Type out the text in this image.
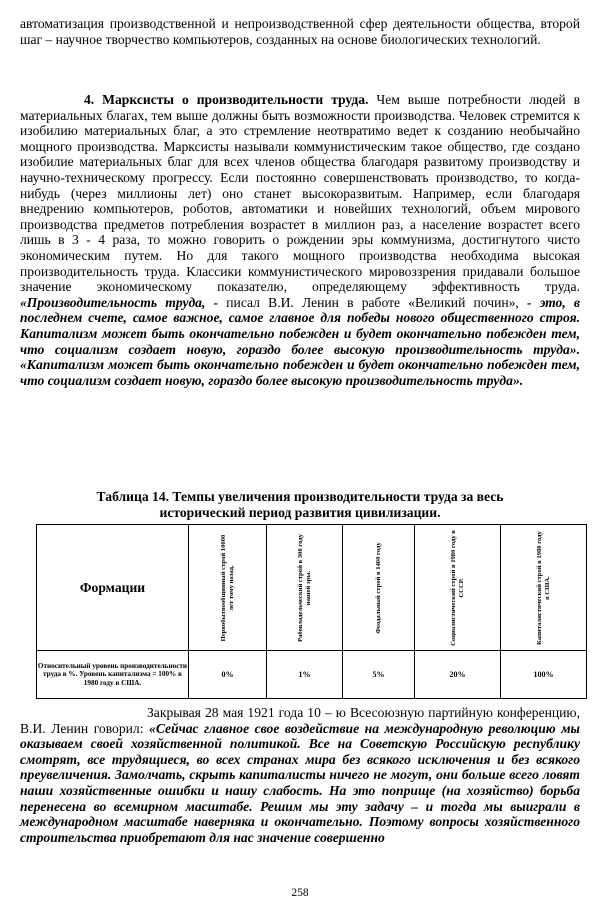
автоматизация производственной и непроизводственной сфер деятельности общества, второй шаг – научное творчество компьютеров, созданных на основе биологических технологий.

4. Марксисты о производительности труда. Чем выше потребности людей в материальных благах, тем выше должны быть возможности производства. Человек стремится к изобилию материальных благ, а это стремление неотвратимо ведет к созданию необычайно мощного производства. Марксисты называли коммунистическим такое общество, где создано изобилие материальных благ для всех членов общества благодаря развитому производству и научно-техническому прогрессу. Если постоянно совершенствовать производство, то когда-нибудь (через миллионы лет) оно станет высокоразвитым. Например, если благодаря внедрению компьютеров, роботов, автоматики и новейших технологий, объем мирового производства предметов потребления возрастет в миллион раз, а население возрастет всего лишь в 3 - 4 раза, то можно говорить о рождении эры коммунизма, достигнутого чисто экономическим путем. Но для такого мощного производства необходима высокая производительность труда. Классики коммунистического мировоззрения придавали большое значение экономическому показателю, определяющему эффективность труда. «Производительность труда, - писал В.И. Ленин в работе «Великий почин», - это, в последнем счете, самое важное, самое главное для победы нового общественного строя. Капитализм может быть окончательно побежден и будет окончательно побежден тем, что социализм создает новую, гораздо более высокую производительность труда». «Капитализм может быть окончательно побежден и будет окончательно побежден тем, что социализм создает новую, гораздо более высокую производительность труда».

Таблица 14. Темпы увеличения производительности труда за весь
исторический период развития цивилизации.

Формации	Первобытнообщинный строй 10000 лет тому назад.	Рабовладельческий строй в 300 году нашей эры.	Феодальный строй в 1400 году	Социалистический строй в 1980 году в СССР.	Капиталистический строй в 1980 году в США.

Относительный уровень производительности труда в %. Уровень капитализма = 100% в 1980 году в США.	0%	1%	5%	20%	100%

Закрывая 28 мая 1921 года 10 – ю Всесоюзную партийную конференцию, В.И. Ленин говорил: «Сейчас главное свое воздействие на международную революцию мы оказываем своей хозяйственной политикой. Все на Советскую Российскую республику смотрят, все трудящиеся, во всех странах мира без всякого исключения и без всякого преувеличения. Замолчать, скрыть капиталисты ничего не могут, они больше всего ловят наши хозяйственные ошибки и нашу слабость. На это поприще (на хозяйство) борьба перенесена во всемирном масштабе. Решим мы эту задачу – и тогда мы выиграли в международном масштабе наверняка и окончательно. Поэтому вопросы хозяйственного строительства приобретают для нас значение совершенно

258
